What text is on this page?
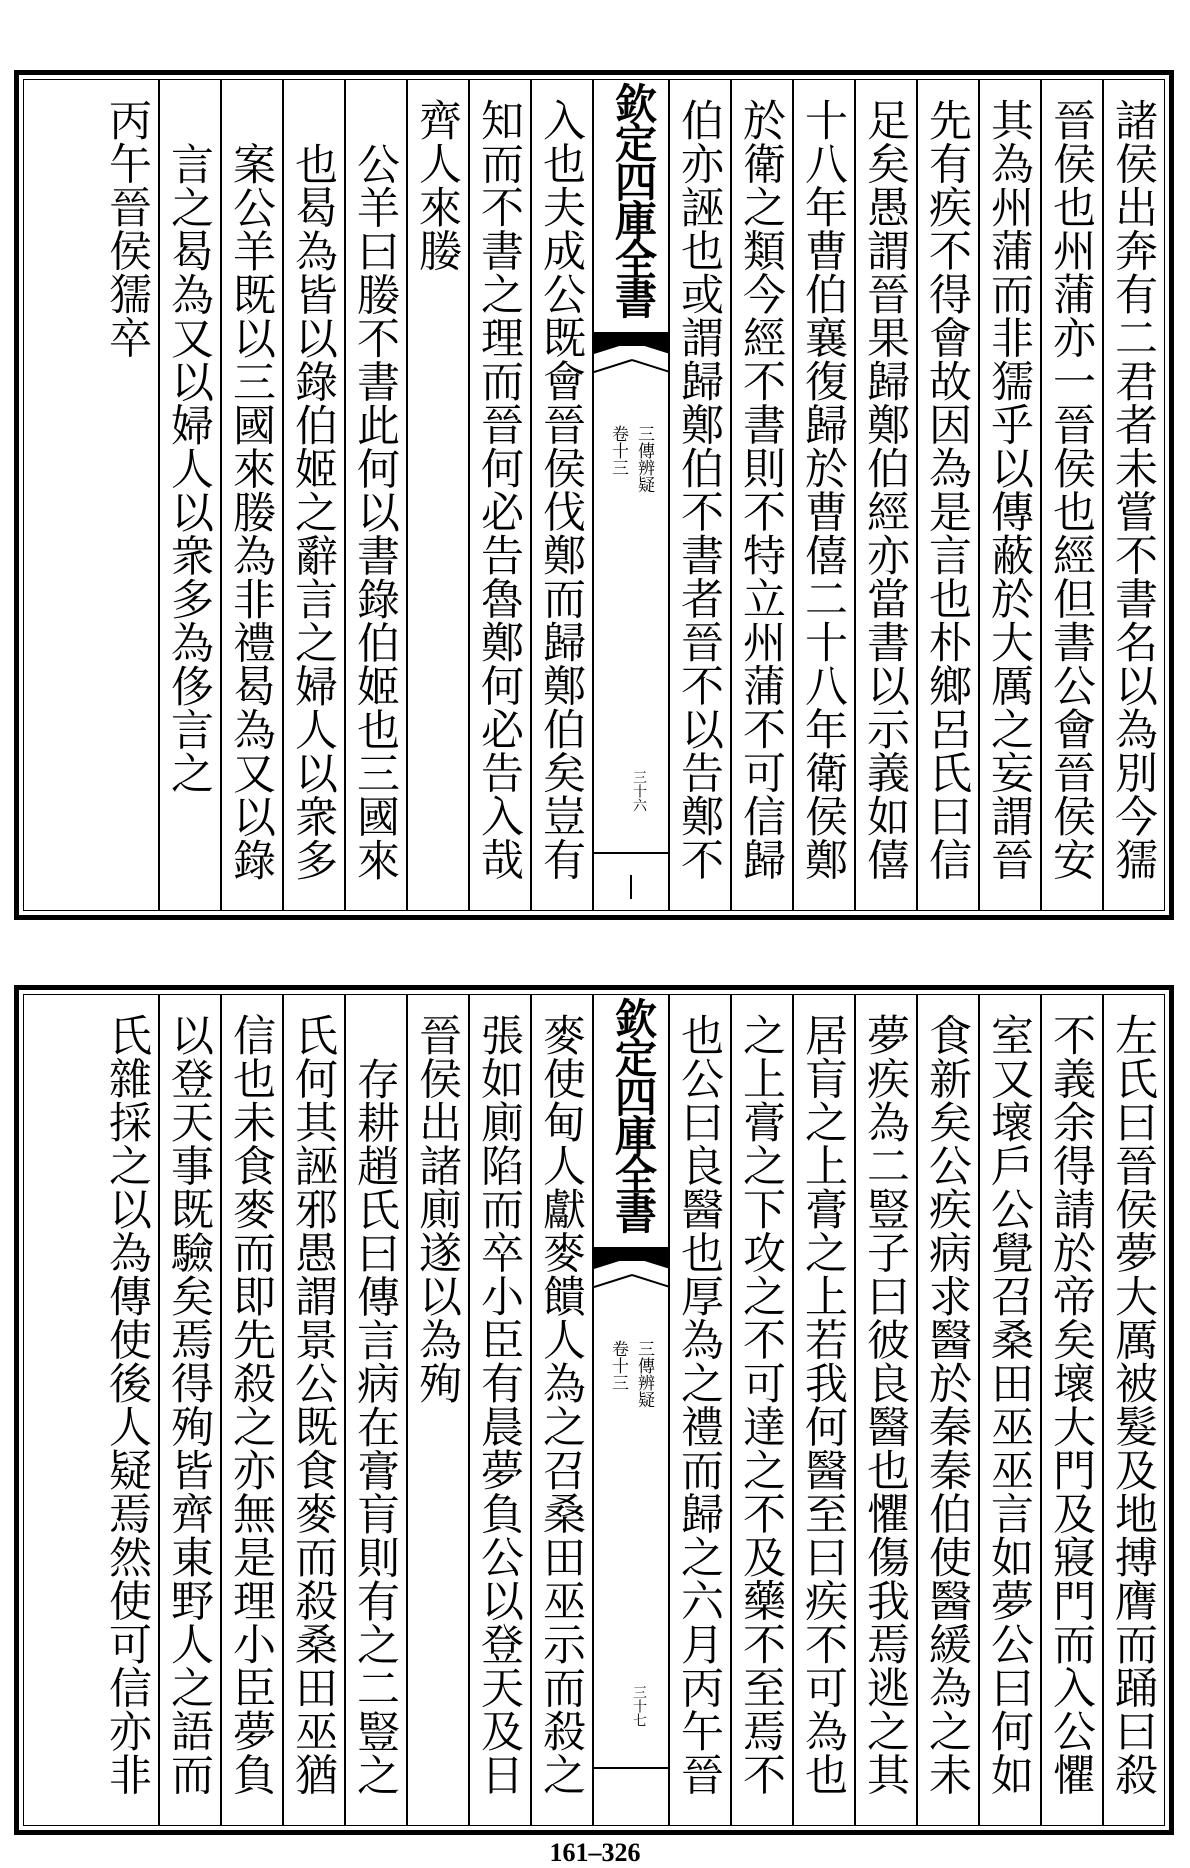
諸侯出奔有二君者未嘗不書名以為別今獳
晉侯也州蒲亦一晉侯也經但書公會晉侯安
其為州蒲而非獳乎以傳蔽於大厲之妄謂晉
先有疾不得會故因為是言也朴鄉呂氏曰信
足矣愚謂晉果歸鄭伯經亦當書以示義如僖
十八年曹伯襄復歸於曹僖二十八年衛侯鄭
於衛之類今經不書則不特立州蒲不可信歸
伯亦誣也或謂歸鄭伯不書者晉不以告鄭不
欽定四庫全書
三傳辨疑
卷十三
三十六
入也夫成公既會晉侯伐鄭而歸鄭伯矣豈有
知而不書之理而晉何必告魯鄭何必告入哉
齊人來媵
公羊曰媵不書此何以書錄伯姬也三國來
也曷為皆以錄伯姬之辭言之婦人以衆多
案公羊既以三國來媵為非禮曷為又以錄
言之曷為又以婦人以衆多為侈言之
丙午晉侯獳卒
左氏曰晉侯夢大厲被髮及地搏膺而踊曰殺
不義余得請於帝矣壞大門及寢門而入公懼
室又壞戶公覺召桑田巫巫言如夢公曰何如
食新矣公疾病求醫於秦秦伯使醫緩為之未
夢疾為二豎子曰彼良醫也懼傷我焉逃之其
居肓之上膏之上若我何醫至曰疾不可為也
之上膏之下攻之不可達之不及藥不至焉不
也公曰良醫也厚為之禮而歸之六月丙午晉
欽定四庫全書
三傳辨疑
卷十三
三十七
麥使甸人獻麥饋人為之召桑田巫示而殺之
張如廁陷而卒小臣有晨夢負公以登天及日
晉侯出諸廁遂以為殉
存耕趙氏曰傳言病在膏肓則有之二豎之
氏何其誣邪愚謂景公既食麥而殺桑田巫猶
信也未食麥而即先殺之亦無是理小臣夢負
以登天事既驗矣焉得殉皆齊東野人之語而
氏雜採之以為傳使後人疑焉然使可信亦非
161–326
